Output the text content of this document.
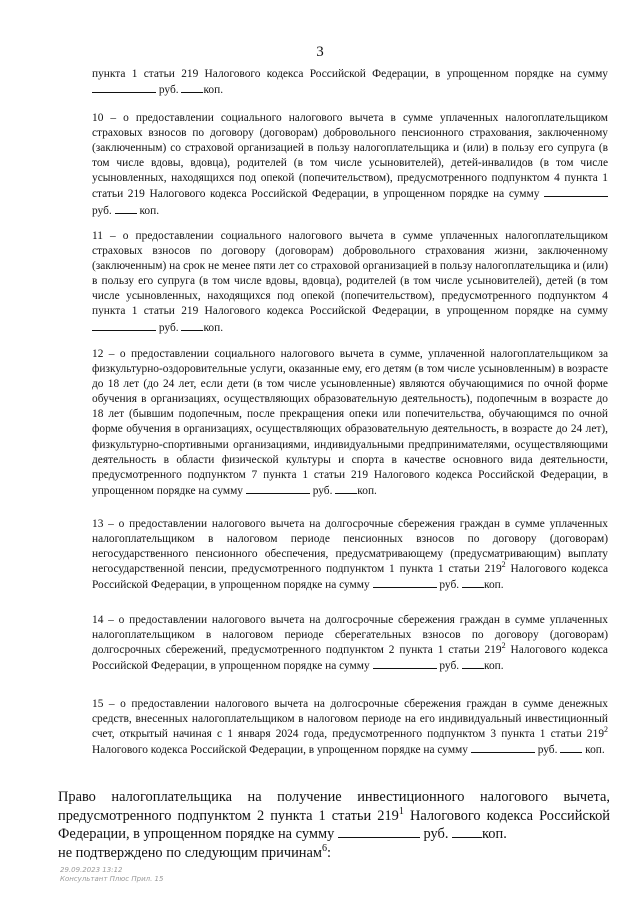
3
пункта 1 статьи 219 Налогового кодекса Российской Федерации, в упрощенном порядке на сумму  руб. коп.
10 – о предоставлении социального налогового вычета в сумме уплаченных налогоплательщиком страховых взносов по договору (договорам) добровольного пенсионного страхования, заключенному (заключенным) со страховой организацией в пользу налогоплательщика и (или) в пользу его супруга (в том числе вдовы, вдовца), родителей (в том числе усыновителей), детей-инвалидов (в том числе усыновленных, находящихся под опекой (попечительством), предусмотренного подпунктом 4 пункта 1 статьи 219 Налогового кодекса Российской Федерации, в упрощенном порядке на сумму  руб. коп.
11 – о предоставлении социального налогового вычета в сумме уплаченных налогоплательщиком страховых взносов по договору (договорам) добровольного страхования жизни, заключенному (заключенным) на срок не менее пяти лет со страховой организацией в пользу налогоплательщика и (или) в пользу его супруга (в том числе вдовы, вдовца), родителей (в том числе усыновителей), детей (в том числе усыновленных, находящихся под опекой (попечительством), предусмотренного подпунктом 4 пункта 1 статьи 219 Налогового кодекса Российской Федерации, в упрощенном порядке на сумму  руб. коп.
12 – о предоставлении социального налогового вычета в сумме, уплаченной налогоплательщиком за физкультурно-оздоровительные услуги, оказанные ему, его детям (в том числе усыновленным) в возрасте до 18 лет (до 24 лет, если дети (в том числе усыновленные) являются обучающимися по очной форме обучения в организациях, осуществляющих образовательную деятельность), подопечным в возрасте до 18 лет (бывшим подопечным, после прекращения опеки или попечительства, обучающимся по очной форме обучения в организациях, осуществляющих образовательную деятельность, в возрасте до 24 лет), физкультурно-спортивными организациями, индивидуальными предпринимателями, осуществляющими деятельность в области физической культуры и спорта в качестве основного вида деятельности, предусмотренного подпунктом 7 пункта 1 статьи 219 Налогового кодекса Российской Федерации, в упрощенном порядке на сумму	руб. коп.
13 – о предоставлении налогового вычета на долгосрочные сбережения граждан в сумме уплаченных налогоплательщиком в налоговом периоде пенсионных взносов по договору (договорам) негосударственного пенсионного обеспечения, предусматривающему (предусматривающим) выплату негосударственной пенсии, предусмотренного подпунктом 1 пункта 1 статьи $219^2$ Налогового кодекса Российской Федерации, в упрощенном порядке на сумму	руб. коп.
14 – о предоставлении налогового вычета на долгосрочные сбережения граждан в сумме уплаченных налогоплательщиком в налоговом периоде сберегательных взносов по договору (договорам) долгосрочных сбережений, предусмотренного подпунктом 2 пункта 1 статьи $219^2$ Налогового кодекса Российской Федерации, в упрощенном порядке на сумму	руб. коп.
15 – о предоставлении налогового вычета на долгосрочные сбережения граждан в сумме денежных средств, внесенных налогоплательщиком в налоговом периоде на его индивидуальный инвестиционный счет, открытый начиная с 1 января 2024 года, предусмотренного подпунктом 3 пункта 1 статьи $219^2$ Налогового кодекса Российской Федерации, в упрощенном порядке на сумму	руб. коп.
Право налогоплательщика на получение инвестиционного налогового вычета, предусмотренного подпунктом 2 пункта 1 статьи $219^1$ Налогового кодекса Российской Федерации, в упрощенном порядке на сумму	руб. коп.
не подтверждено по следующим причинам$^6$:
29.09.2023 13:12
Консультант Плюс Прил. 15
